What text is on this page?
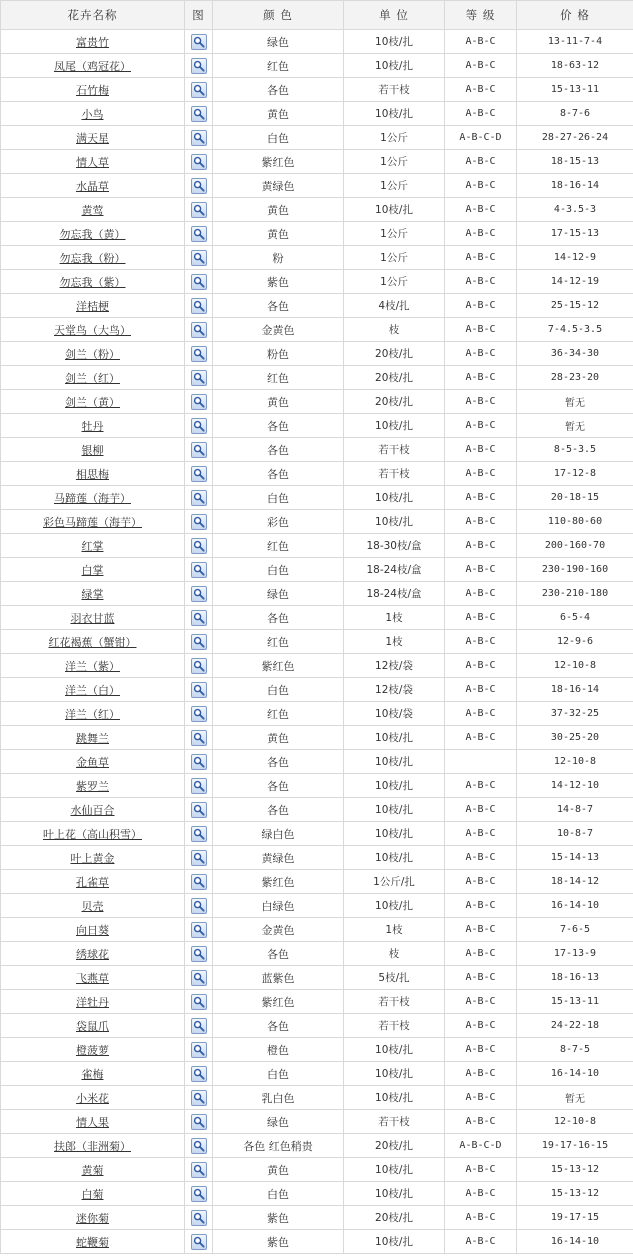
花卉名称	图	颜 色	单 位	等 级	价 格
富贵竹		绿色	10枝/扎	A-B-C	13-11-7-4
凤尾（鸡冠花）		红色	10枝/扎	A-B-C	18-63-12
石竹梅		各色	若干枝	A-B-C	15-13-11
小鸟		黄色	10枝/扎	A-B-C	8-7-6
满天星		白色	1公斤	A-B-C-D	28-27-26-24
情人草		紫红色	1公斤	A-B-C	18-15-13
水晶草		黄绿色	1公斤	A-B-C	18-16-14
黄莺		黄色	10枝/扎	A-B-C	4-3.5-3
勿忘我（黄）		黄色	1公斤	A-B-C	17-15-13
勿忘我（粉）		粉	1公斤	A-B-C	14-12-9
勿忘我（紫）		紫色	1公斤	A-B-C	14-12-19
洋桔梗		各色	4枝/扎	A-B-C	25-15-12
天堂鸟（大鸟）		金黄色	枝	A-B-C	7-4.5-3.5
剑兰（粉）		粉色	20枝/扎	A-B-C	36-34-30
剑兰（红）		红色	20枝/扎	A-B-C	28-23-20
剑兰（黄）		黄色	20枝/扎	A-B-C	暂无
牡丹		各色	10枝/扎	A-B-C	暂无
银柳		各色	若干枝	A-B-C	8-5-3.5
相思梅		各色	若干枝	A-B-C	17-12-8
马蹄莲（海芋）		白色	10枝/扎	A-B-C	20-18-15
彩色马蹄莲（海芋）		彩色	10枝/扎	A-B-C	110-80-60
红掌		红色	18-30枝/盒	A-B-C	200-160-70
白掌		白色	18-24枝/盒	A-B-C	230-190-160
绿掌		绿色	18-24枝/盒	A-B-C	230-210-180
羽衣甘蓝		各色	1枝	A-B-C	6-5-4
红花褐蕉（蟹钳）		红色	1枝	A-B-C	12-9-6
洋兰（紫）		紫红色	12枝/袋	A-B-C	12-10-8
洋兰（白）		白色	12枝/袋	A-B-C	18-16-14
洋兰（红）		红色	10枝/袋	A-B-C	37-32-25
跳舞兰		黄色	10枝/扎	A-B-C	30-25-20
金鱼草		各色	10枝/扎		12-10-8
紫罗兰		各色	10枝/扎	A-B-C	14-12-10
水仙百合		各色	10枝/扎	A-B-C	14-8-7
叶上花（高山积雪）		绿白色	10枝/扎	A-B-C	10-8-7
叶上黄金		黄绿色	10枝/扎	A-B-C	15-14-13
孔雀草		紫红色	1公斤/扎	A-B-C	18-14-12
贝壳		白绿色	10枝/扎	A-B-C	16-14-10
向日葵		金黄色	1枝	A-B-C	7-6-5
绣球花		各色	枝	A-B-C	17-13-9
飞燕草		蓝紫色	5枝/扎	A-B-C	18-16-13
洋牡丹		紫红色	若干枝	A-B-C	15-13-11
袋鼠爪		各色	若干枝	A-B-C	24-22-18
橙菠萝		橙色	10枝/扎	A-B-C	8-7-5
雀梅		白色	10枝/扎	A-B-C	16-14-10
小米花		乳白色	10枝/扎	A-B-C	暂无
情人果		绿色	若干枝	A-B-C	12-10-8
扶郎（非洲菊）		各色 红色稍贵	20枝/扎	A-B-C-D	19-17-16-15
黄菊		黄色	10枝/扎	A-B-C	15-13-12
白菊		白色	10枝/扎	A-B-C	15-13-12
迷你菊		紫色	20枝/扎	A-B-C	19-17-15
蛇鞭菊		紫色	10枝/扎	A-B-C	16-14-10
